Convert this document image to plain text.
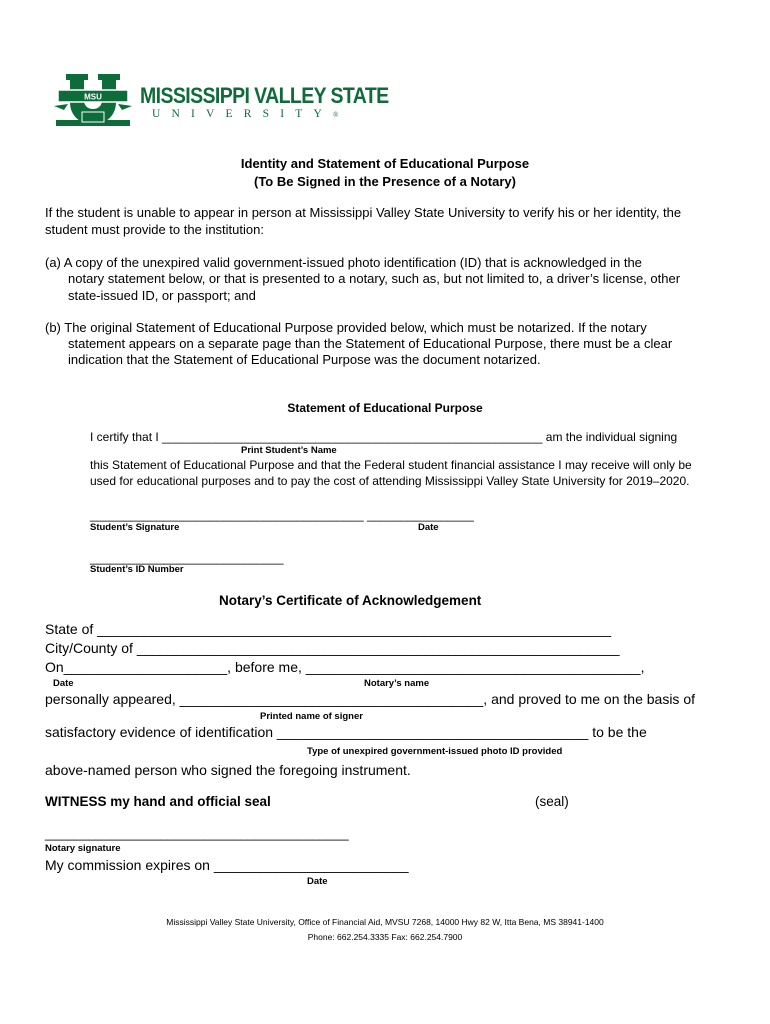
MSU MISSISSIPPI VALLEY STATE
UNIVERSITY®
Identity and Statement of Educational Purpose
(To Be Signed in the Presence of a Notary)
If the student is unable to appear in person at Mississippi Valley State University to verify his or her identity, the
student must provide to the institution:
(a) A copy of the unexpired valid government-issued photo identification (ID) that is acknowledged in the
notary statement below, or that is presented to a notary, such as, but not limited to, a driver’s license, other
state-issued ID, or passport; and
(b) The original Statement of Educational Purpose provided below, which must be notarized. If the notary
statement appears on a separate page than the Statement of Educational Purpose, there must be a clear
indication that the Statement of Educational Purpose was the document notarized.
Statement of Educational Purpose
I certify that I _________________________________________________________ am the individual signing
Print Student’s Name
this Statement of Educational Purpose and that the Federal student financial assistance I may receive will only be
used for educational purposes and to pay the cost of attending Mississippi Valley State University for 2019–2020.
_________________________________________ ________________
Student’s Signature	Date
_____________________________
Student’s ID Number
Notary’s Certificate of Acknowledgement
State of __________________________________________________________________
City/County of ______________________________________________________________
On_____________________, before me, ___________________________________________,
Date	Notary’s name
personally appeared, _______________________________________, and proved to me on the basis of
Printed name of signer
satisfactory evidence of identification ________________________________________ to be the
Type of unexpired government-issued photo ID provided
above-named person who signed the foregoing instrument.
WITNESS my hand and official seal	(seal)
__________________________________________
Notary signature
My commission expires on _________________________
Date
Mississippi Valley State University, Office of Financial Aid, MVSU 7268, 14000 Hwy 82 W, Itta Bena, MS 38941-1400
Phone: 662.254.3335 Fax: 662.254.7900
